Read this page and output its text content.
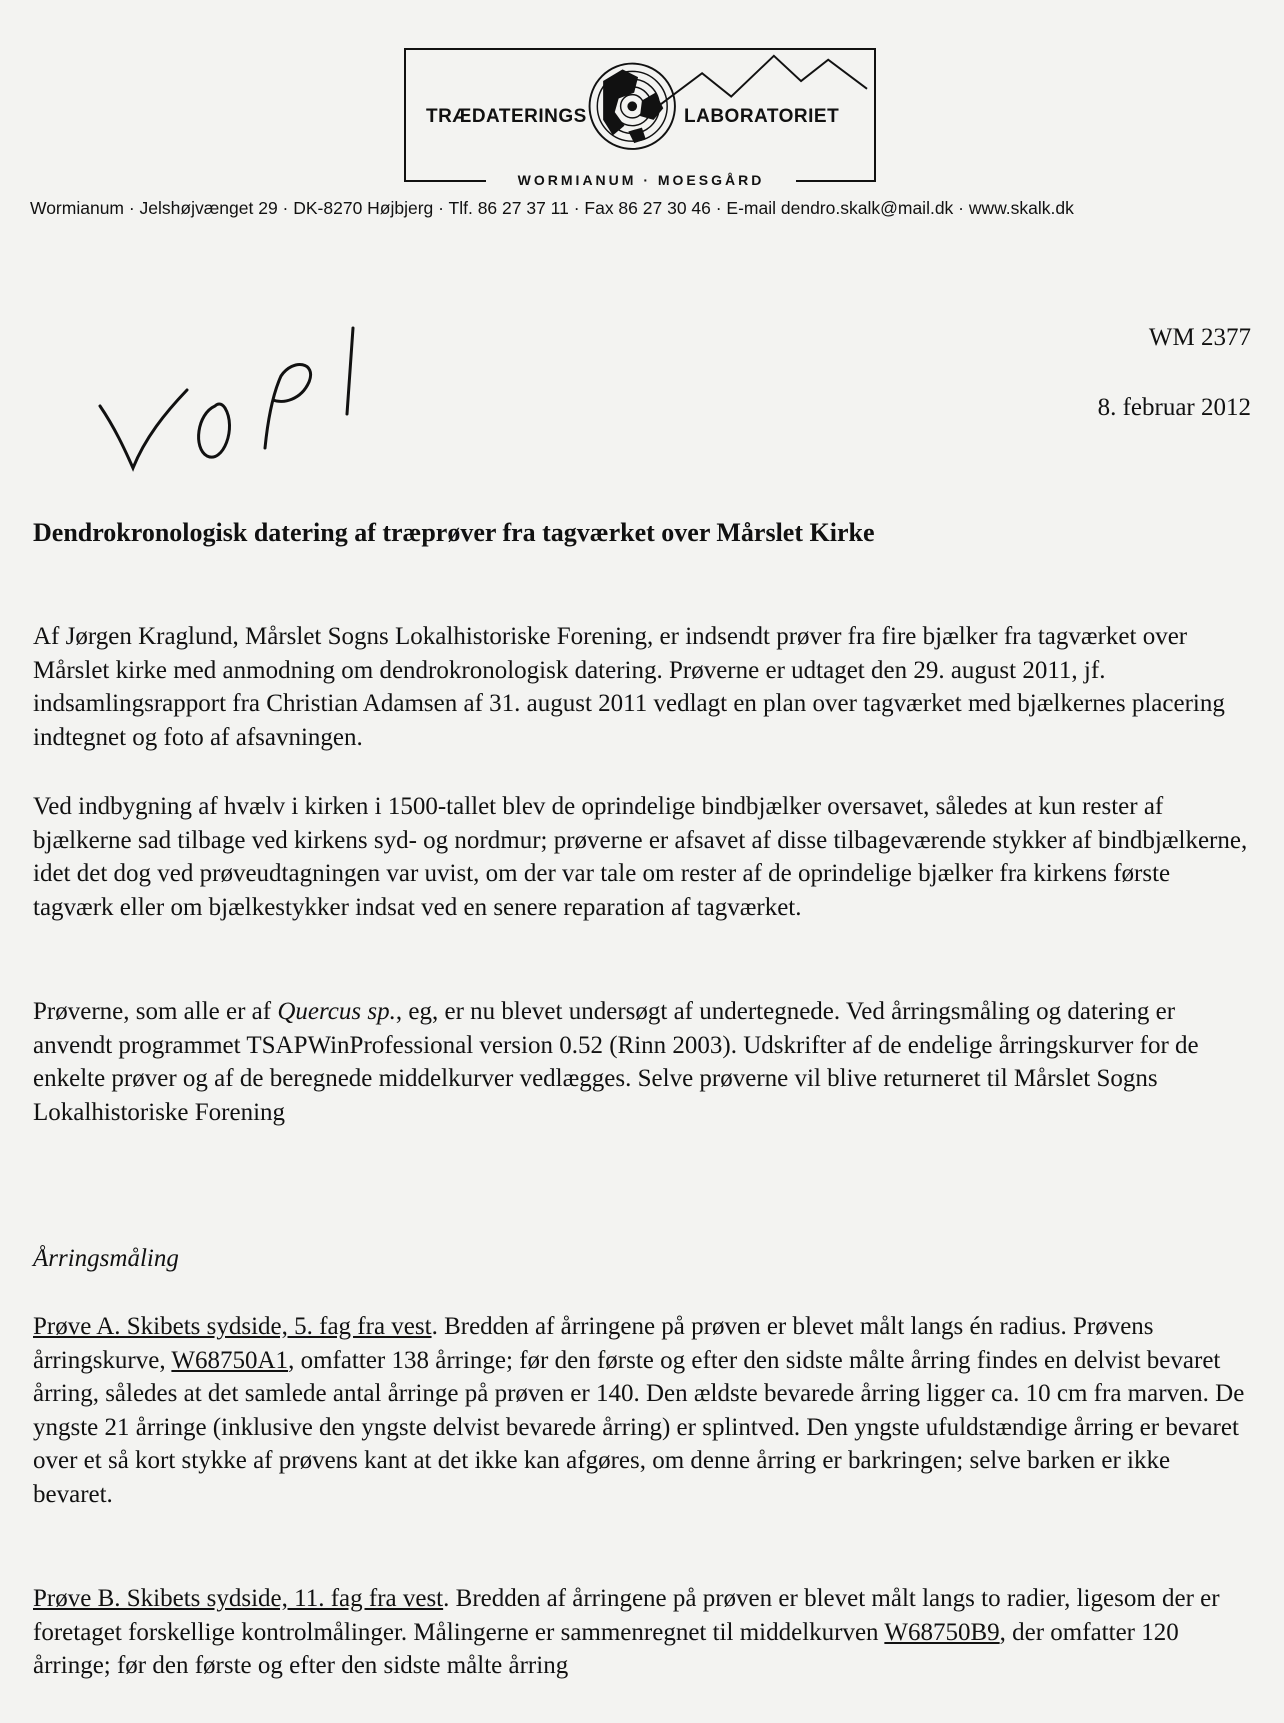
TRÆDATERINGS	LABORATORIET
WORMIANUM · MOESGÅRD
Wormianum · Jelshøjvænget 29 · DK-8270 Højbjerg · Tlf. 86 27 37 11 · Fax 86 27 30 46 · E-mail dendro.skalk@mail.dk · www.skalk.dk
WM 2377
8. februar 2012
Dendrokronologisk datering af træprøver fra tagværket over Mårslet Kirke

Af Jørgen Kraglund, Mårslet Sogns Lokalhistoriske Forening, er indsendt prøver fra fire bjælker fra tagværket over Mårslet kirke med anmodning om dendrokronologisk datering. Prøverne er udtaget den 29. august 2011, jf. indsamlingsrapport fra Christian Adamsen af 31. august 2011 vedlagt en plan over tagværket med bjælkernes placering indtegnet og foto af afsavningen.

Ved indbygning af hvælv i kirken i 1500-tallet blev de oprindelige bindbjælker oversavet, således at kun rester af bjælkerne sad tilbage ved kirkens syd- og nordmur; prøverne er afsavet af disse tilbageværende stykker af bindbjælkerne, idet det dog ved prøveudtagningen var uvist, om der var tale om rester af de oprindelige bjælker fra kirkens første tagværk eller om bjælkestykker indsat ved en senere reparation af tagværket.

Prøverne, som alle er af Quercus sp., eg, er nu blevet undersøgt af undertegnede. Ved årringsmåling og datering er anvendt programmet TSAPWinProfessional version 0.52 (Rinn 2003). Udskrifter af de endelige årringskurver for de enkelte prøver og af de beregnede middelkurver vedlægges. Selve prøverne vil blive returneret til Mårslet Sogns Lokalhistoriske Forening

Årringsmåling

Prøve A. Skibets sydside, 5. fag fra vest. Bredden af årringene på prøven er blevet målt langs én radius. Prøvens årringskurve, W68750A1, omfatter 138 årringe; før den første og efter den sidste målte årring findes en delvist bevaret årring, således at det samlede antal årringe på prøven er 140. Den ældste bevarede årring ligger ca. 10 cm fra marven. De yngste 21 årringe (inklusive den yngste delvist bevarede årring) er splintved. Den yngste ufuldstændige årring er bevaret over et så kort stykke af prøvens kant at det ikke kan afgøres, om denne årring er barkringen; selve barken er ikke bevaret.

Prøve B. Skibets sydside, 11. fag fra vest. Bredden af årringene på prøven er blevet målt langs to radier, ligesom der er foretaget forskellige kontrolmålinger. Målingerne er sammenregnet til middelkurven W68750B9, der omfatter 120 årringe; før den første og efter den sidste målte årring
